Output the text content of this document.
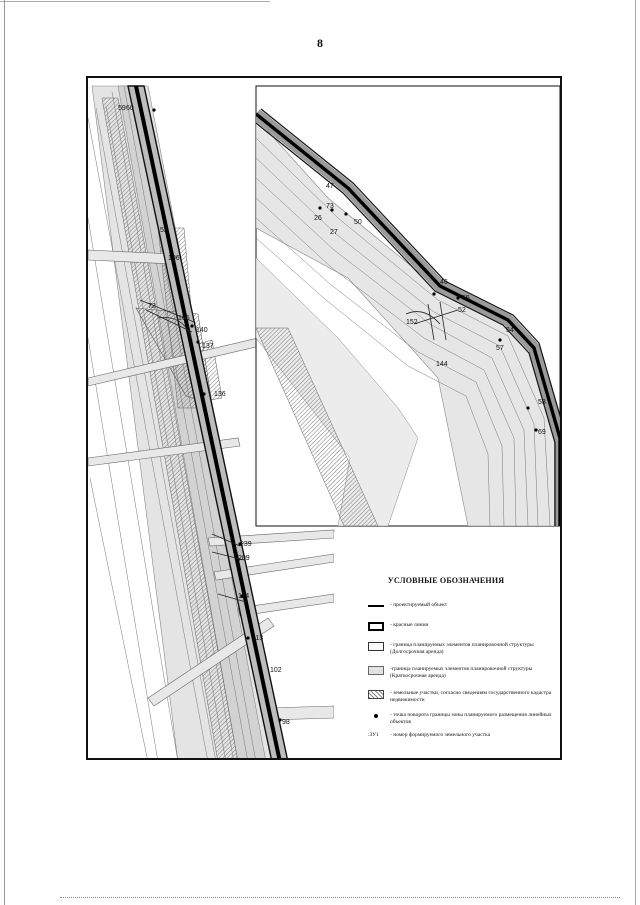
8
59 60
52
106
72
140
105
137
136
239
209
114
113
102
98
47
26
73
27
50
46
55
52
54
57
53
144
152
69
УСЛОВНЫЕ ОБОЗНАЧЕНИЯ
- проектируемый объект
- красные линии
- граница планируемых элементов планировочной структуры (Долгосрочная аренда)
-граница планируемых элементов планировочной структуры (Краткосрочная аренда)
- земельные участки, согласно сведениям государственного кадастра недвижимости
- точка поворота границы зоны планируемого размещения линейных объектов
:ЗУ1	- номер формируемого земельного участка
